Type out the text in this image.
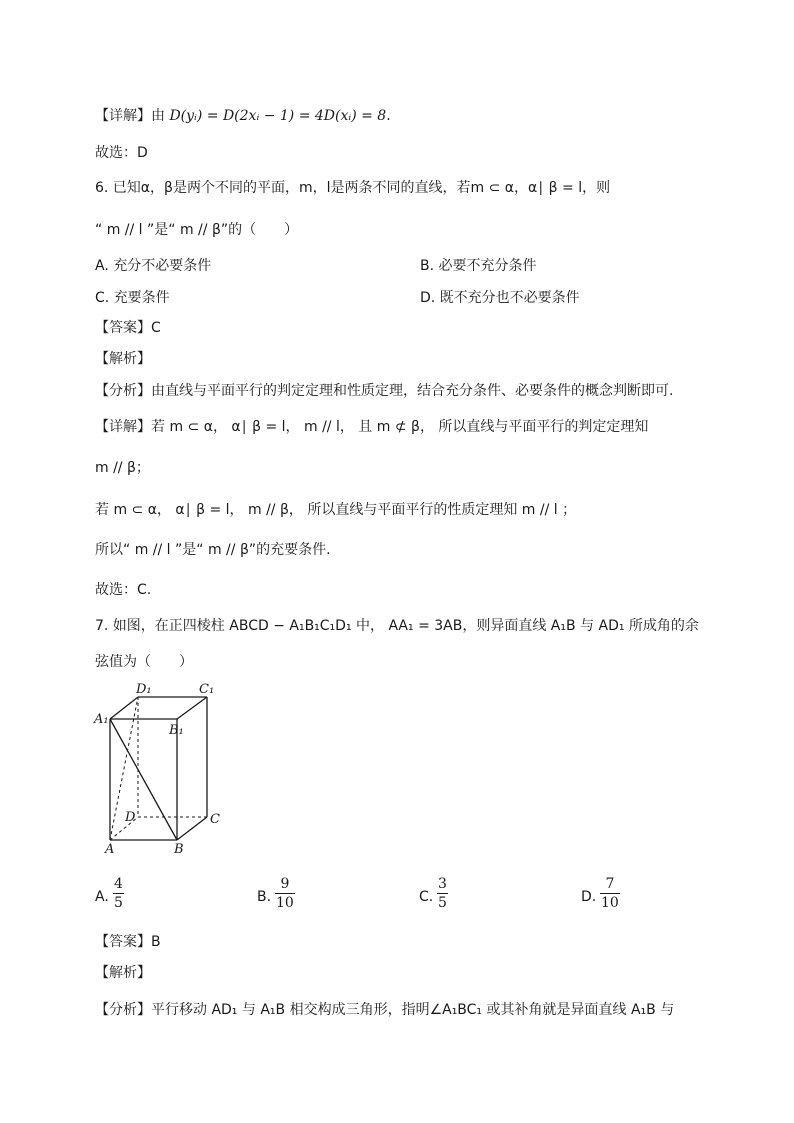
【详解】由 D(yᵢ) = D(2xᵢ − 1) = 4D(xᵢ) = 8.
故选：D
6. 已知α，β是两个不同的平面，m，l是两条不同的直线，若m ⊂ α，α∣ β = l，则
“ m // l ”是“ m // β”的（　　）
A. 充分不必要条件	B. 必要不充分条件
C. 充要条件	D. 既不充分也不必要条件
【答案】C
【解析】
【分析】由直线与平面平行的判定定理和性质定理，结合充分条件、必要条件的概念判断即可.
【详解】若 m ⊂ α， α∣ β = l， m // l， 且 m ⊄ β， 所以直线与平面平行的判定定理知
m // β；
若 m ⊂ α， α∣ β = l， m // β， 所以直线与平面平行的性质定理知 m // l ；
所以“ m // l ”是“ m // β”的充要条件.
故选：C.
7. 如图，在正四棱柱 ABCD − A₁B₁C₁D₁ 中， AA₁ = 3AB，则异面直线 A₁B 与 AD₁ 所成角的余
弦值为（　　）
D₁	C₁
A₁
B₁
D	C
A	B
A.
4
5	B.
9
10	C.
3
5	D.
7
10
【答案】B
【解析】
【分析】平行移动 AD₁ 与 A₁B 相交构成三角形，指明∠A₁BC₁ 或其补角就是异面直线 A₁B 与
